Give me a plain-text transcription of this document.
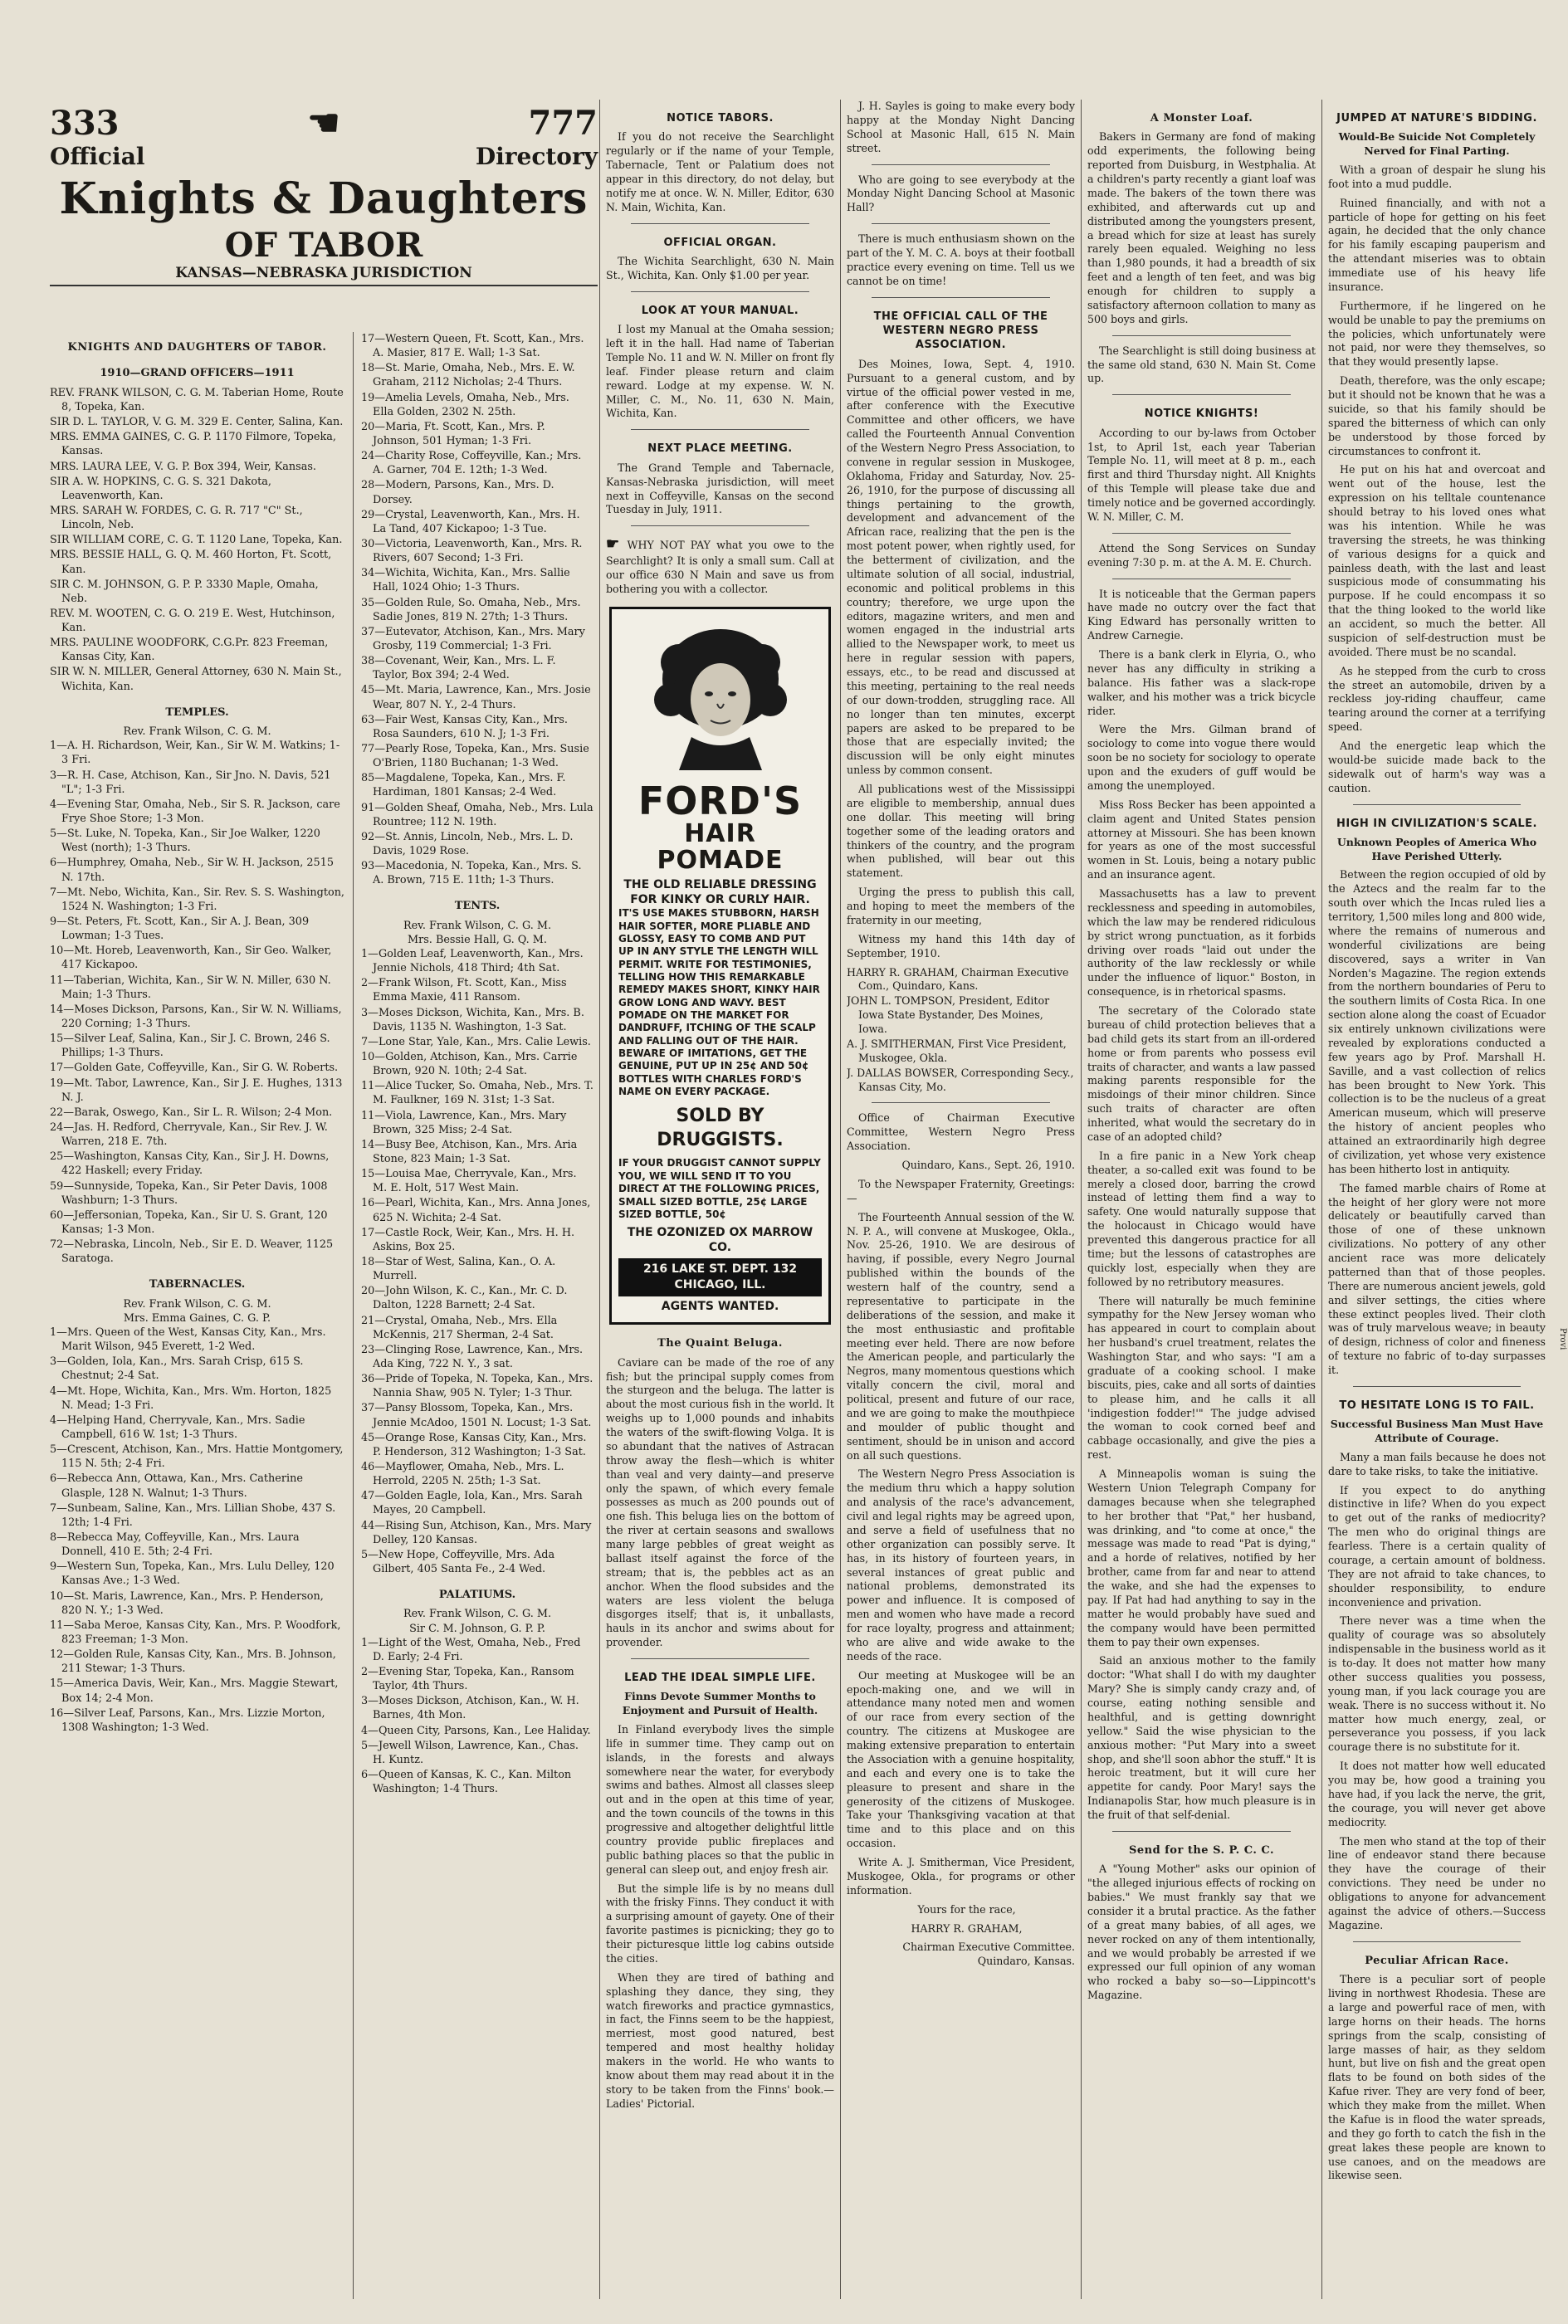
333	☚	777
Official	Directory
Knights & Daughters
OF TABOR
KANSAS—NEBRASKA JURISDICTION
KNIGHTS AND DAUGHTERS OF TABOR.
1910—GRAND OFFICERS—1911
REV. FRANK WILSON, C. G. M. Taberian Home, Route 8, Topeka, Kan.
SIR D. L. TAYLOR, V. G. M. 329 E. Center, Salina, Kan.
MRS. EMMA GAINES, C. G. P. 1170 Filmore, Topeka, Kansas.
MRS. LAURA LEE, V. G. P. Box 394, Weir, Kansas.
SIR A. W. HOPKINS, C. G. S. 321 Dakota, Leavenworth, Kan.
MRS. SARAH W. FORDES, C. G. R. 717 "C" St., Lincoln, Neb.
SIR WILLIAM CORE, C. G. T. 1120 Lane, Topeka, Kan.
MRS. BESSIE HALL, G. Q. M. 460 Horton, Ft. Scott, Kan.
SIR C. M. JOHNSON, G. P. P. 3330 Maple, Omaha, Neb.
REV. M. WOOTEN, C. G. O. 219 E. West, Hutchinson, Kan.
MRS. PAULINE WOODFORK, C.G.Pr. 823 Freeman, Kansas City, Kan.
SIR W. N. MILLER, General Attorney, 630 N. Main St., Wichita, Kan.
TEMPLES.
Rev. Frank Wilson, C. G. M.
1—A. H. Richardson, Weir, Kan., Sir W. M. Watkins; 1-3 Fri.
3—R. H. Case, Atchison, Kan., Sir Jno. N. Davis, 521 "L"; 1-3 Fri.
4—Evening Star, Omaha, Neb., Sir S. R. Jackson, care Frye Shoe Store; 1-3 Mon.
5—St. Luke, N. Topeka, Kan., Sir Joe Walker, 1220 West (north); 1-3 Thurs.
6—Humphrey, Omaha, Neb., Sir W. H. Jackson, 2515 N. 17th.
7—Mt. Nebo, Wichita, Kan., Sir. Rev. S. S. Washington, 1524 N. Washington; 1-3 Fri.
9—St. Peters, Ft. Scott, Kan., Sir A. J. Bean, 309 Lowman; 1-3 Tues.
10—Mt. Horeb, Leavenworth, Kan., Sir Geo. Walker, 417 Kickapoo.
11—Taberian, Wichita, Kan., Sir W. N. Miller, 630 N. Main; 1-3 Thurs.
14—Moses Dickson, Parsons, Kan., Sir W. N. Williams, 220 Corning; 1-3 Thurs.
15—Silver Leaf, Salina, Kan., Sir J. C. Brown, 246 S. Phillips; 1-3 Thurs.
17—Golden Gate, Coffeyville, Kan., Sir G. W. Roberts.
19—Mt. Tabor, Lawrence, Kan., Sir J. E. Hughes, 1313 N. J.
22—Barak, Oswego, Kan., Sir L. R. Wilson; 2-4 Mon.
24—Jas. H. Redford, Cherryvale, Kan., Sir Rev. J. W. Warren, 218 E. 7th.
25—Washington, Kansas City, Kan., Sir J. H. Downs, 422 Haskell; every Friday.
59—Sunnyside, Topeka, Kan., Sir Peter Davis, 1008 Washburn; 1-3 Thurs.
60—Jeffersonian, Topeka, Kan., Sir U. S. Grant, 120 Kansas; 1-3 Mon.
72—Nebraska, Lincoln, Neb., Sir E. D. Weaver, 1125 Saratoga.
TABERNACLES.
Rev. Frank Wilson, C. G. M.
Mrs. Emma Gaines, C. G. P.
1—Mrs. Queen of the West, Kansas City, Kan., Mrs. Marit Wilson, 945 Everett, 1-2 Wed.
3—Golden, Iola, Kan., Mrs. Sarah Crisp, 615 S. Chestnut; 2-4 Sat.
4—Mt. Hope, Wichita, Kan., Mrs. Wm. Horton, 1825 N. Mead; 1-3 Fri.
4—Helping Hand, Cherryvale, Kan., Mrs. Sadie Campbell, 616 W. 1st; 1-3 Thurs.
5—Crescent, Atchison, Kan., Mrs. Hattie Montgomery, 115 N. 5th; 2-4 Fri.
6—Rebecca Ann, Ottawa, Kan., Mrs. Catherine Glasple, 128 N. Walnut; 1-3 Thurs.
7—Sunbeam, Saline, Kan., Mrs. Lillian Shobe, 437 S. 12th; 1-4 Fri.
8—Rebecca May, Coffeyville, Kan., Mrs. Laura Donnell, 410 E. 5th; 2-4 Fri.
9—Western Sun, Topeka, Kan., Mrs. Lulu Delley, 120 Kansas Ave.; 1-3 Wed.
10—St. Maris, Lawrence, Kan., Mrs. P. Henderson, 820 N. Y.; 1-3 Wed.
11—Saba Meroe, Kansas City, Kan., Mrs. P. Woodfork, 823 Freeman; 1-3 Mon.
12—Golden Rule, Kansas City, Kan., Mrs. B. Johnson, 211 Stewar; 1-3 Thurs.
15—America Davis, Weir, Kan., Mrs. Maggie Stewart, Box 14; 2-4 Mon.
16—Silver Leaf, Parsons, Kan., Mrs. Lizzie Morton, 1308 Washington; 1-3 Wed.
17—Western Queen, Ft. Scott, Kan., Mrs. A. Masier, 817 E. Wall; 1-3 Sat.
18—St. Marie, Omaha, Neb., Mrs. E. W. Graham, 2112 Nicholas; 2-4 Thurs.
19—Amelia Levels, Omaha, Neb., Mrs. Ella Golden, 2302 N. 25th.
20—Maria, Ft. Scott, Kan., Mrs. P. Johnson, 501 Hyman; 1-3 Fri.
24—Charity Rose, Coffeyville, Kan.; Mrs. A. Garner, 704 E. 12th; 1-3 Wed.
28—Modern, Parsons, Kan., Mrs. D. Dorsey.
29—Crystal, Leavenworth, Kan., Mrs. H. La Tand, 407 Kickapoo; 1-3 Tue.
30—Victoria, Leavenworth, Kan., Mrs. R. Rivers, 607 Second; 1-3 Fri.
34—Wichita, Wichita, Kan., Mrs. Sallie Hall, 1024 Ohio; 1-3 Thurs.
35—Golden Rule, So. Omaha, Neb., Mrs. Sadie Jones, 819 N. 27th; 1-3 Thurs.
37—Eutevator, Atchison, Kan., Mrs. Mary Grosby, 119 Commercial; 1-3 Fri.
38—Covenant, Weir, Kan., Mrs. L. F. Taylor, Box 394; 2-4 Wed.
45—Mt. Maria, Lawrence, Kan., Mrs. Josie Wear, 807 N. Y., 2-4 Thurs.
63—Fair West, Kansas City, Kan., Mrs. Rosa Saunders, 610 N. J; 1-3 Fri.
77—Pearly Rose, Topeka, Kan., Mrs. Susie O'Brien, 1180 Buchanan; 1-3 Wed.
85—Magdalene, Topeka, Kan., Mrs. F. Hardiman, 1801 Kansas; 2-4 Wed.
91—Golden Sheaf, Omaha, Neb., Mrs. Lula Rountree; 112 N. 19th.
92—St. Annis, Lincoln, Neb., Mrs. L. D. Davis, 1029 Rose.
93—Macedonia, N. Topeka, Kan., Mrs. S. A. Brown, 715 E. 11th; 1-3 Thurs.
TENTS.
Rev. Frank Wilson, C. G. M.
Mrs. Bessie Hall, G. Q. M.
1—Golden Leaf, Leavenworth, Kan., Mrs. Jennie Nichols, 418 Third; 4th Sat.
2—Frank Wilson, Ft. Scott, Kan., Miss Emma Maxie, 411 Ransom.
3—Moses Dickson, Wichita, Kan., Mrs. B. Davis, 1135 N. Washington, 1-3 Sat.
7—Lone Star, Yale, Kan., Mrs. Calie Lewis.
10—Golden, Atchison, Kan., Mrs. Carrie Brown, 920 N. 10th; 2-4 Sat.
11—Alice Tucker, So. Omaha, Neb., Mrs. T. M. Faulkner, 169 N. 31st; 1-3 Sat.
11—Viola, Lawrence, Kan., Mrs. Mary Brown, 325 Miss; 2-4 Sat.
14—Busy Bee, Atchison, Kan., Mrs. Aria Stone, 823 Main; 1-3 Sat.
15—Louisa Mae, Cherryvale, Kan., Mrs. M. E. Holt, 517 West Main.
16—Pearl, Wichita, Kan., Mrs. Anna Jones, 625 N. Wichita; 2-4 Sat.
17—Castle Rock, Weir, Kan., Mrs. H. H. Askins, Box 25.
18—Star of West, Salina, Kan., O. A. Murrell.
20—John Wilson, K. C., Kan., Mr. C. D. Dalton, 1228 Barnett; 2-4 Sat.
21—Crystal, Omaha, Neb., Mrs. Ella McKennis, 217 Sherman, 2-4 Sat.
23—Clinging Rose, Lawrence, Kan., Mrs. Ada King, 722 N. Y., 3 sat.
36—Pride of Topeka, N. Topeka, Kan., Mrs. Nannia Shaw, 905 N. Tyler; 1-3 Thur.
37—Pansy Blossom, Topeka, Kan., Mrs. Jennie McAdoo, 1501 N. Locust; 1-3 Sat.
45—Orange Rose, Kansas City, Kan., Mrs. P. Henderson, 312 Washington; 1-3 Sat.
46—Mayflower, Omaha, Neb., Mrs. L. Herrold, 2205 N. 25th; 1-3 Sat.
47—Golden Eagle, Iola, Kan., Mrs. Sarah Mayes, 20 Campbell.
44—Rising Sun, Atchison, Kan., Mrs. Mary Delley, 120 Kansas.
5—New Hope, Coffeyville, Mrs. Ada Gilbert, 405 Santa Fe., 2-4 Wed.
PALATIUMS.
Rev. Frank Wilson, C. G. M.
Sir C. M. Johnson, G. P. P.
1—Light of the West, Omaha, Neb., Fred D. Early; 2-4 Fri.
2—Evening Star, Topeka, Kan., Ransom Taylor, 4th Thurs.
3—Moses Dickson, Atchison, Kan., W. H. Barnes, 4th Mon.
4—Queen City, Parsons, Kan., Lee Haliday.
5—Jewell Wilson, Lawrence, Kan., Chas. H. Kuntz.
6—Queen of Kansas, K. C., Kan. Milton Washington; 1-4 Thurs.
NOTICE TABORS.

If you do not receive the Searchlight regularly or if the name of your Temple, Tabernacle, Tent or Palatium does not appear in this directory, do not delay, but notify me at once. W. N. Miller, Editor, 630 N. Main, Wichita, Kan.

OFFICIAL ORGAN.

The Wichita Searchlight, 630 N. Main St., Wichita, Kan. Only $1.00 per year.

LOOK AT YOUR MANUAL.

I lost my Manual at the Omaha session; left it in the hall. Had name of Taberian Temple No. 11 and W. N. Miller on front fly leaf. Finder please return and claim reward. Lodge at my expense. W. N. Miller, C. M., No. 11, 630 N. Main, Wichita, Kan.

NEXT PLACE MEETING.

The Grand Temple and Tabernacle, Kansas-Nebraska jurisdiction, will meet next in Coffeyville, Kansas on the second Tuesday in July, 1911.

☛ WHY NOT PAY what you owe to the Searchlight? It is only a small sum. Call at our office 630 N Main and save us from bothering you with a collector.

FORD'S
HAIR POMADE
THE OLD RELIABLE DRESSING FOR KINKY OR CURLY HAIR.
IT'S USE MAKES STUBBORN, HARSH HAIR SOFTER, MORE PLIABLE AND GLOSSY, EASY TO COMB AND PUT UP IN ANY STYLE THE LENGTH WILL PERMIT. WRITE FOR TESTIMONIES, TELLING HOW THIS REMARKABLE REMEDY MAKES SHORT, KINKY HAIR GROW LONG AND WAVY. BEST POMADE ON THE MARKET FOR DANDRUFF, ITCHING OF THE SCALP AND FALLING OUT OF THE HAIR. BEWARE OF IMITATIONS, GET THE GENUINE, PUT UP IN 25¢ AND 50¢ BOTTLES WITH CHARLES FORD'S NAME ON EVERY PACKAGE.
SOLD BY DRUGGISTS.
IF YOUR DRUGGIST CANNOT SUPPLY YOU, WE WILL SEND IT TO YOU DIRECT AT THE FOLLOWING PRICES, SMALL SIZED BOTTLE, 25¢ LARGE SIZED BOTTLE, 50¢
THE OZONIZED OX MARROW CO.
216 LAKE ST. DEPT. 132 CHICAGO, ILL.
AGENTS WANTED.
The Quaint Beluga.

Caviare can be made of the roe of any fish; but the principal supply comes from the sturgeon and the beluga. The latter is about the most curious fish in the world. It weighs up to 1,000 pounds and inhabits the waters of the swift-flowing Volga. It is so abundant that the natives of Astracan throw away the flesh—which is whiter than veal and very dainty—and preserve only the spawn, of which every female possesses as much as 200 pounds out of one fish. This beluga lies on the bottom of the river at certain seasons and swallows many large pebbles of great weight as ballast itself against the force of the stream; that is, the pebbles act as an anchor. When the flood subsides and the waters are less violent the beluga disgorges itself; that is, it unballasts, hauls in its anchor and swims about for provender.

LEAD THE IDEAL SIMPLE LIFE.
Finns Devote Summer Months to Enjoyment and Pursuit of Health.

In Finland everybody lives the simple life in summer time. They camp out on islands, in the forests and always somewhere near the water, for everybody swims and bathes. Almost all classes sleep out and in the open at this time of year, and the town councils of the towns in this progressive and altogether delightful little country provide public fireplaces and public bathing places so that the public in general can sleep out, and enjoy fresh air.

But the simple life is by no means dull with the frisky Finns. They conduct it with a surprising amount of gayety. One of their favorite pastimes is picnicking; they go to their picturesque little log cabins outside the cities.

When they are tired of bathing and splashing they dance, they sing, they watch fireworks and practice gymnastics, in fact, the Finns seem to be the happiest, merriest, most good natured, best tempered and most healthy holiday makers in the world. He who wants to know about them may read about it in the story to be taken from the Finns' book.—Ladies' Pictorial.

J. H. Sayles is going to make every body happy at the Monday Night Dancing School at Masonic Hall, 615 N. Main street.

Who are going to see everybody at the Monday Night Dancing School at Masonic Hall?

There is much enthusiasm shown on the part of the Y. M. C. A. boys at their football practice every evening on time. Tell us we cannot be on time!

THE OFFICIAL CALL OF THE WESTERN NEGRO PRESS ASSOCIATION.

Des Moines, Iowa, Sept. 4, 1910. Pursuant to a general custom, and by virtue of the official power vested in me, after conference with the Executive Committee and other officers, we have called the Fourteenth Annual Convention of the Western Negro Press Association, to convene in regular session in Muskogee, Oklahoma, Friday and Saturday, Nov. 25-26, 1910, for the purpose of discussing all things pertaining to the growth, development and advancement of the African race, realizing that the pen is the most potent power, when rightly used, for the betterment of civilization, and the ultimate solution of all social, industrial, economic and political problems in this country; therefore, we urge upon the editors, magazine writers, and men and women engaged in the industrial arts allied to the Newspaper work, to meet us here in regular session with papers, essays, etc., to be read and discussed at this meeting, pertaining to the real needs of our down-trodden, struggling race. All no longer than ten minutes, excerpt papers are asked to be prepared to be those that are especially invited; the discussion will be only eight minutes unless by common consent.

All publications west of the Mississippi are eligible to membership, annual dues one dollar. This meeting will bring together some of the leading orators and thinkers of the country, and the program when published, will bear out this statement.

Urging the press to publish this call, and hoping to meet the members of the fraternity in our meeting,

Witness my hand this 14th day of September, 1910.

HARRY R. GRAHAM, Chairman Executive Com., Quindaro, Kans.
JOHN L. TOMPSON, President, Editor Iowa State Bystander, Des Moines, Iowa.
A. J. SMITHERMAN, First Vice President, Muskogee, Okla.
J. DALLAS BOWSER, Corresponding Secy., Kansas City, Mo.

Office of Chairman Executive Committee, Western Negro Press Association.

Quindaro, Kans., Sept. 26, 1910.

To the Newspaper Fraternity, Greetings:—

The Fourteenth Annual session of the W. N. P. A., will convene at Muskogee, Okla., Nov. 25-26, 1910. We are desirous of having, if possible, every Negro Journal published within the bounds of the western half of the country, send a representative to participate in the deliberations of the session, and make it the most enthusiastic and profitable meeting ever held. There are now before the American people, and particularly the Negros, many momentous questions which vitally concern the civil, moral and political, present and future of our race, and we are going to make the mouthpiece and moulder of public thought and sentiment, should be in unison and accord on all such questions.

The Western Negro Press Association is the medium thru which a happy solution and analysis of the race's advancement, civil and legal rights may be agreed upon, and serve a field of usefulness that no other organization can possibly serve. It has, in its history of fourteen years, in several instances of great public and national problems, demonstrated its power and influence. It is composed of men and women who have made a record for race loyalty, progress and attainment; who are alive and wide awake to the needs of the race.

Our meeting at Muskogee will be an epoch-making one, and we will in attendance many noted men and women of our race from every section of the country. The citizens at Muskogee are making extensive preparation to entertain the Association with a genuine hospitality, and each and every one is to take the pleasure to present and share in the generosity of the citizens of Muskogee. Take your Thanksgiving vacation at that time and to this place and on this occasion.

Write A. J. Smitherman, Vice President, Muskogee, Okla., for programs or other information.

Yours for the race,

HARRY R. GRAHAM,

Chairman Executive Committee. Quindaro, Kansas.

A Monster Loaf.

Bakers in Germany are fond of making odd experiments, the following being reported from Duisburg, in Westphalia. At a children's party recently a giant loaf was made. The bakers of the town there was exhibited, and afterwards cut up and distributed among the youngsters present, a bread which for size at least has surely rarely been equaled. Weighing no less than 1,980 pounds, it had a breadth of six feet and a length of ten feet, and was big enough for children to supply a satisfactory afternoon collation to many as 500 boys and girls.

The Searchlight is still doing business at the same old stand, 630 N. Main St. Come up.

NOTICE KNIGHTS!

According to our by-laws from October 1st, to April 1st, each year Taberian Temple No. 11, will meet at 8 p. m., each first and third Thursday night. All Knights of this Temple will please take due and timely notice and be governed accordingly. W. N. Miller, C. M.

Attend the Song Services on Sunday evening 7:30 p. m. at the A. M. E. Church.

It is noticeable that the German papers have made no outcry over the fact that King Edward has personally written to Andrew Carnegie.

There is a bank clerk in Elyria, O., who never has any difficulty in striking a balance. His father was a slack-rope walker, and his mother was a trick bicycle rider.

Were the Mrs. Gilman brand of sociology to come into vogue there would soon be no society for sociology to operate upon and the exuders of guff would be among the unemployed.

Miss Ross Becker has been appointed a claim agent and United States pension attorney at Missouri. She has been known for years as one of the most successful women in St. Louis, being a notary public and an insurance agent.

Massachusetts has a law to prevent recklessness and speeding in automobiles, which the law may be rendered ridiculous by strict wrong punctuation, as it forbids driving over roads "laid out under the authority of the law recklessly or while under the influence of liquor." Boston, in consequence, is in rhetorical spasms.

The secretary of the Colorado state bureau of child protection believes that a bad child gets its start from an ill-ordered home or from parents who possess evil traits of character, and wants a law passed making parents responsible for the misdoings of their minor children. Since such traits of character are often inherited, what would the secretary do in case of an adopted child?

In a fire panic in a New York cheap theater, a so-called exit was found to be merely a closed door, barring the crowd instead of letting them find a way to safety. One would naturally suppose that the holocaust in Chicago would have prevented this dangerous practice for all time; but the lessons of catastrophes are quickly lost, especially when they are followed by no retributory measures.

There will naturally be much feminine sympathy for the New Jersey woman who has appeared in court to complain about her husband's cruel treatment, relates the Washington Star, and who says: "I am a graduate of a cooking school. I make biscuits, pies, cake and all sorts of dainties to please him, and he calls it all 'indigestion fodder!'" The judge advised the woman to cook corned beef and cabbage occasionally, and give the pies a rest.

A Minneapolis woman is suing the Western Union Telegraph Company for damages because when she telegraphed to her brother that "Pat," her husband, was drinking, and "to come at once," the message was made to read "Pat is dying," and a horde of relatives, notified by her brother, came from far and near to attend the wake, and she had the expenses to pay. If Pat had had anything to say in the matter he would probably have sued and the company would have been permitted them to pay their own expenses.

Said an anxious mother to the family doctor: "What shall I do with my daughter Mary? She is simply candy crazy and, of course, eating nothing sensible and healthful, and is getting downright yellow." Said the wise physician to the anxious mother: "Put Mary into a sweet shop, and she'll soon abhor the stuff." It is heroic treatment, but it will cure her appetite for candy. Poor Mary! says the Indianapolis Star, how much pleasure is in the fruit of that self-denial.

Send for the S. P. C. C.

A "Young Mother" asks our opinion of "the alleged injurious effects of rocking on babies." We must frankly say that we consider it a brutal practice. As the father of a great many babies, of all ages, we never rocked on any of them intentionally, and we would probably be arrested if we expressed our full opinion of any woman who rocked a baby so—so—Lippincott's Magazine.

JUMPED AT NATURE'S BIDDING.
Would-Be Suicide Not Completely Nerved for Final Parting.

With a groan of despair he slung his foot into a mud puddle.

Ruined financially, and with not a particle of hope for getting on his feet again, he decided that the only chance for his family escaping pauperism and the attendant miseries was to obtain immediate use of his heavy life insurance.

Furthermore, if he lingered on he would be unable to pay the premiums on the policies, which unfortunately were not paid, nor were they themselves, so that they would presently lapse.

Death, therefore, was the only escape; but it should not be known that he was a suicide, so that his family should be spared the bitterness of which can only be understood by those forced by circumstances to confront it.

He put on his hat and overcoat and went out of the house, lest the expression on his telltale countenance should betray to his loved ones what was his intention. While he was traversing the streets, he was thinking of various designs for a quick and painless death, with the last and least suspicious mode of consummating his purpose. If he could encompass it so that the thing looked to the world like an accident, so much the better. All suspicion of self-destruction must be avoided. There must be no scandal.

As he stepped from the curb to cross the street an automobile, driven by a reckless joy-riding chauffeur, came tearing around the corner at a terrifying speed.

And the energetic leap which the would-be suicide made back to the sidewalk out of harm's way was a caution.

HIGH IN CIVILIZATION'S SCALE.
Unknown Peoples of America Who Have Perished Utterly.

Between the region occupied of old by the Aztecs and the realm far to the south over which the Incas ruled lies a territory, 1,500 miles long and 800 wide, where the remains of numerous and wonderful civilizations are being discovered, says a writer in Van Norden's Magazine. The region extends from the northern boundaries of Peru to the southern limits of Costa Rica. In one section alone along the coast of Ecuador six entirely unknown civilizations were revealed by explorations conducted a few years ago by Prof. Marshall H. Saville, and a vast collection of relics has been brought to New York. This collection is to be the nucleus of a great American museum, which will preserve the history of ancient peoples who attained an extraordinarily high degree of civilization, yet whose very existence has been hitherto lost in antiquity.

The famed marble chairs of Rome at the height of her glory were not more delicately or beautifully carved than those of one of these unknown civilizations. No pottery of any other ancient race was more delicately patterned than that of those peoples. There are numerous ancient jewels, gold and silver settings, the cities where these extinct peoples lived. Their cloth was of truly marvelous weave; in beauty of design, richness of color and fineness of texture no fabric of to-day surpasses it.

TO HESITATE LONG IS TO FAIL.
Successful Business Man Must Have Attribute of Courage.

Many a man fails because he does not dare to take risks, to take the initiative.

If you expect to do anything distinctive in life? When do you expect to get out of the ranks of mediocrity? The men who do original things are fearless. There is a certain quality of courage, a certain amount of boldness. They are not afraid to take chances, to shoulder responsibility, to endure inconvenience and privation.

There never was a time when the quality of courage was so absolutely indispensable in the business world as it is to-day. It does not matter how many other success qualities you possess, young man, if you lack courage you are weak. There is no success without it. No matter how much energy, zeal, or perseverance you possess, if you lack courage there is no substitute for it.

It does not matter how well educated you may be, how good a training you have had, if you lack the nerve, the grit, the courage, you will never get above mediocrity.

The men who stand at the top of their line of endeavor stand there because they have the courage of their convictions. They need be under no obligations to anyone for advancement against the advice of others.—Success Magazine.

Peculiar African Race.

There is a peculiar sort of people living in northwest Rhodesia. These are a large and powerful race of men, with large horns on their heads. The horns springs from the scalp, consisting of large masses of hair, as they seldom hunt, but live on fish and the great open flats to be found on both sides of the Kafue river. They are very fond of beer, which they make from the millet. When the Kafue is in flood the water spreads, and they go forth to catch the fish in the great lakes these people are known to use canoes, and on the meadows are likewise seen.

Provi
